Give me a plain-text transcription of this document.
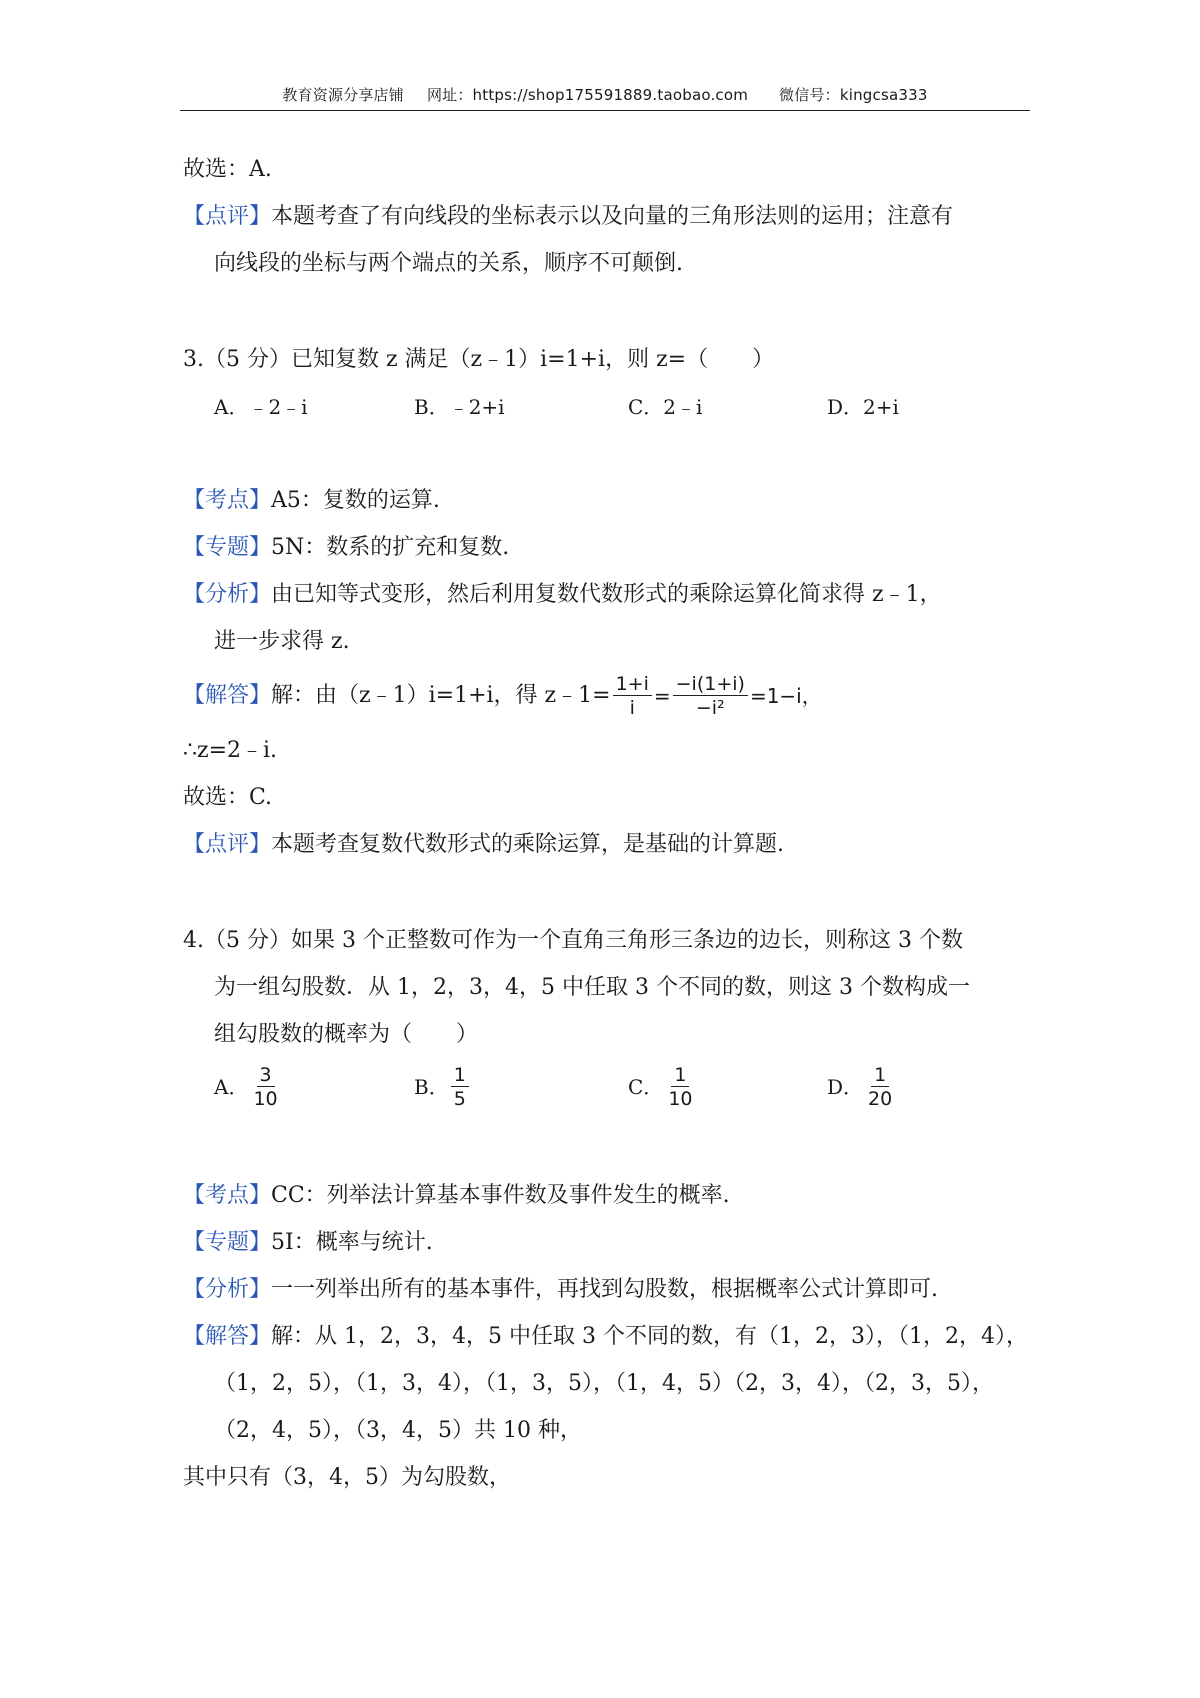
教育资源分享店铺 网址：https://shop175591889.taobao.com 微信号：kingcsa333
故选：A.
【点评】本题考查了有向线段的坐标表示以及向量的三角形法则的运用；注意有
向线段的坐标与两个端点的关系，顺序不可颠倒.
3.（5 分）已知复数 z 满足（z﹣1）i=1+i，则 z=（　　）
A．﹣2﹣i	B．﹣2+i	C．2﹣i	D．2+i
【考点】A5：复数的运算.
【专题】5N：数系的扩充和复数.
【分析】由已知等式变形，然后利用复数代数形式的乘除运算化简求得 z﹣1，
进一步求得 z.
【解答】 解：由（z﹣1）i=1+i，得 z﹣1= $\frac{1+i}{i} = \frac{-i(1+i)}{\text{−i²}} =1-i$，
∴z=2﹣i.
故选：C.
【点评】本题考查复数代数形式的乘除运算，是基础的计算题.
4.（5 分）如果 3 个正整数可作为一个直角三角形三条边的边长，则称这 3 个数
为一组勾股数．从 1，2，3，4，5 中任取 3 个不同的数，则这 3 个数构成一
组勾股数的概率为（　　）
A． $\frac{3}{10}$	B． $\frac{1}{5}$	C． $\frac{1}{10}$	D． $\frac{1}{20}$
【考点】CC：列举法计算基本事件数及事件发生的概率.
【专题】5I：概率与统计.
【分析】一一列举出所有的基本事件，再找到勾股数，根据概率公式计算即可.
【解答】解：从 1，2，3，4，5 中任取 3 个不同的数，有（1，2，3），（1，2，4），
（1，2，5），（1，3，4），（1，3，5），（1，4，5）（2，3，4），（2，3，5），
（2，4，5），（3，4，5）共 10 种，
其中只有（3，4，5）为勾股数，
